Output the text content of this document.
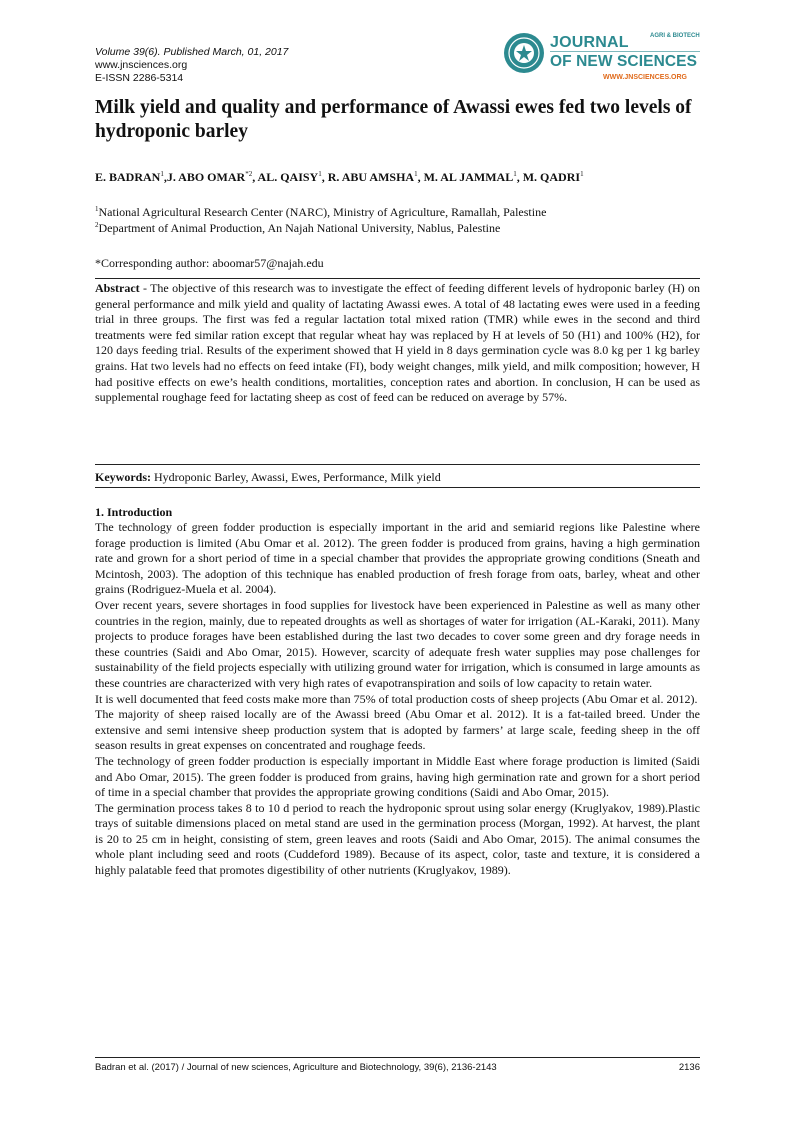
Volume 39(6). Published March, 01, 2017
www.jnsciences.org
E-ISSN 2286-5314
JOURNAL	AGRI & BIOTECH
OF NEW SCIENCES
WWW.JNSCIENCES.ORG
Milk yield and quality and performance of Awassi ewes fed two levels of hydroponic barley
E. BADRAN$^1$,J. ABO OMAR$^{*2}$, AL. QAISY$^1$, R. ABU AMSHA$^1$, M. AL JAMMAL$^1$, M. QADRI$^1$
$^1$National Agricultural Research Center (NARC), Ministry of Agriculture, Ramallah, Palestine
$^2$Department of Animal Production, An Najah National University, Nablus, Palestine
*Corresponding author: aboomar57@najah.edu

Abstract - The objective of this research was to investigate the effect of feeding different levels of hydroponic barley (H) on general performance and milk yield and quality of lactating Awassi ewes. A total of 48 lactating ewes were used in a feeding trial in three groups. The first was fed a regular lactation total mixed ration (TMR) while ewes in the second and third treatments were fed similar ration except that regular wheat hay was replaced by H at levels of 50 (H1) and 100% (H2), for 120 days feeding trial. Results of the experiment showed that H yield in 8 days germination cycle was 8.0 kg per 1 kg barley grains. Hat two levels had no effects on feed intake (FI), body weight changes, milk yield, and milk composition; however, H had positive effects on ewe’s health conditions, mortalities, conception rates and abortion. In conclusion, H can be used as supplemental roughage feed for lactating sheep as cost of feed can be reduced on average by 57%.

Keywords: Hydroponic Barley, Awassi, Ewes, Performance, Milk yield
1. Introduction

The technology of green fodder production is especially important in the arid and semiarid regions like Palestine where forage production is limited (Abu Omar et al. 2012). The green fodder is produced from grains, having a high germination rate and grown for a short period of time in a special chamber that provides the appropriate growing conditions (Sneath and Mcintosh, 2003). The adoption of this technique has enabled production of fresh forage from oats, barley, wheat and other grains (Rodriguez-Muela et al. 2004).

Over recent years, severe shortages in food supplies for livestock have been experienced in Palestine as well as many other countries in the region, mainly, due to repeated droughts as well as shortages of water for irrigation (AL-Karaki, 2011). Many projects to produce forages have been established during the last two decades to cover some green and dry forage needs in these countries (Saidi and Abo Omar, 2015). However, scarcity of adequate fresh water supplies may pose challenges for sustainability of the field projects especially with utilizing ground water for irrigation, which is consumed in large amounts as these countries are characterized with very high rates of evapotranspiration and soils of low capacity to retain water.

It is well documented that feed costs make more than 75% of total production costs of sheep projects (Abu Omar et al. 2012).

The majority of sheep raised locally are of the Awassi breed (Abu Omar et al. 2012). It is a fat-tailed breed. Under the extensive and semi intensive sheep production system that is adopted by farmers’ at large scale, feeding sheep in the off season results in great expenses on concentrated and roughage feeds.

The technology of green fodder production is especially important in Middle East where forage production is limited (Saidi and Abo Omar, 2015). The green fodder is produced from grains, having high germination rate and grown for a short period of time in a special chamber that provides the appropriate growing conditions (Saidi and Abo Omar, 2015).

The germination process takes 8 to 10 d period to reach the hydroponic sprout using solar energy (Kruglyakov, 1989).Plastic trays of suitable dimensions placed on metal stand are used in the germination process (Morgan, 1992). At harvest, the plant is 20 to 25 cm in height, consisting of stem, green leaves and roots (Saidi and Abo Omar, 2015). The animal consumes the whole plant including seed and roots (Cuddeford 1989). Because of its aspect, color, taste and texture, it is considered a highly palatable feed that promotes digestibility of other nutrients (Kruglyakov, 1989).

Badran et al. (2017) / Journal of new sciences, Agriculture and Biotechnology, 39(6), 2136-2143	2136
